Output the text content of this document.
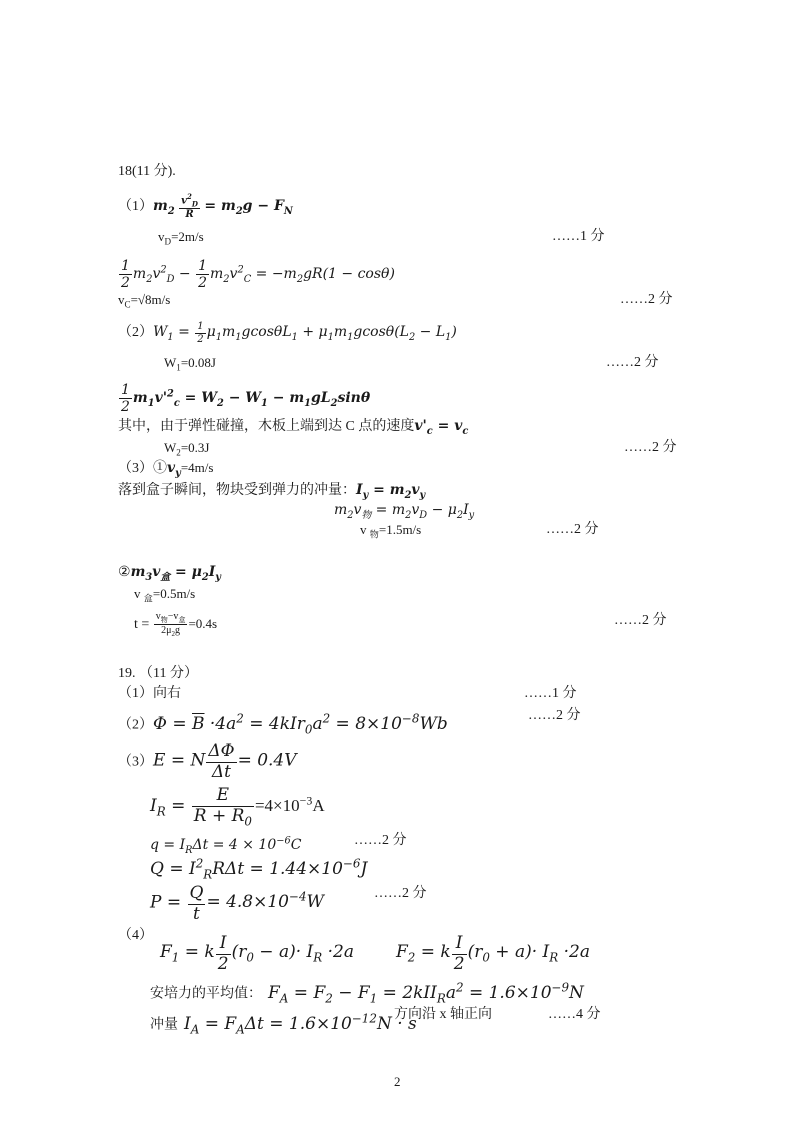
18(11 分).
$(1)m_2 \frac{v^2_D}{R} = m_2g - F_N$
$v_D=2m/s$	……1 分
$\frac{1}{2} m_2v^2_D - \frac{1}{2} m_2v^2_C = -m_2gR(1 - \cos\theta)$
$v_C=√8m/s$	……2 分
$(2)W_1 = \frac{1}{2} \mu_1m_1gcos\theta L_1 + \mu_1m_1gcos\theta(L_2 - L_1)$
$W_1=0.08J$	……2 分
$\frac{1}{2} m_1v'^2_c = W_2 - W_1 - m_1gL_2\sin\theta$
其中，由于弹性碰撞，木板上端到达 C 点的速度$v'_c = v_c$
$W_2=0.3J$	……2 分
$(3)①v_y=4m/s$
落到盒子瞬间，物块受到弹力的冲量：$I_y = m_2v_y$
$m_2v_物 = m_2v_D - \mu_2I_y$
v $_物$=1.5m/s	……2 分
$②m_3v_盒 = \mu_2I_y$
v $_盒$=0.5m/s
$t = \frac{v_物-v_盒}{2\mu_2g} =0.4s$	……2 分
19. （11 分）
（1）向右	……1 分
$(2)\Phi = \overline{B} \cdot 4a^2 = 4kIr_0a^2 = 8\times 10^{-8}Wb$	……2 分
（3）E = N $\frac{\Delta\Phi}{\Delta t} = 0.4V$
$I_R = \frac{E}{R + R_0} =4\times 10^{-3}A$
$q = I_R\Delta t = 4 \times 10^{-6}C$	……2 分
$Q = I^2_RR\Delta t = 1.44\times 10^{-6}J$
$P = \frac{Q}{t} = 4.8\times 10^{-4}W$	……2 分
（4）
$F_1 = k \frac{I}{2} (r_0 - a)\cdot I_R \cdot 2a$ $F_2 = k \frac{I}{2} (r_0 + a)\cdot I_R \cdot 2a$
安培力的平均值： $F_A = F_2 - F_1 = 2kII_Ra^2 = 1.6\times 10^{-9}N$
冲量 $I_A = F_A\Delta t = 1.6\times 10^{-12}N \cdot s$
方向沿 x 轴正向	……4 分
2
